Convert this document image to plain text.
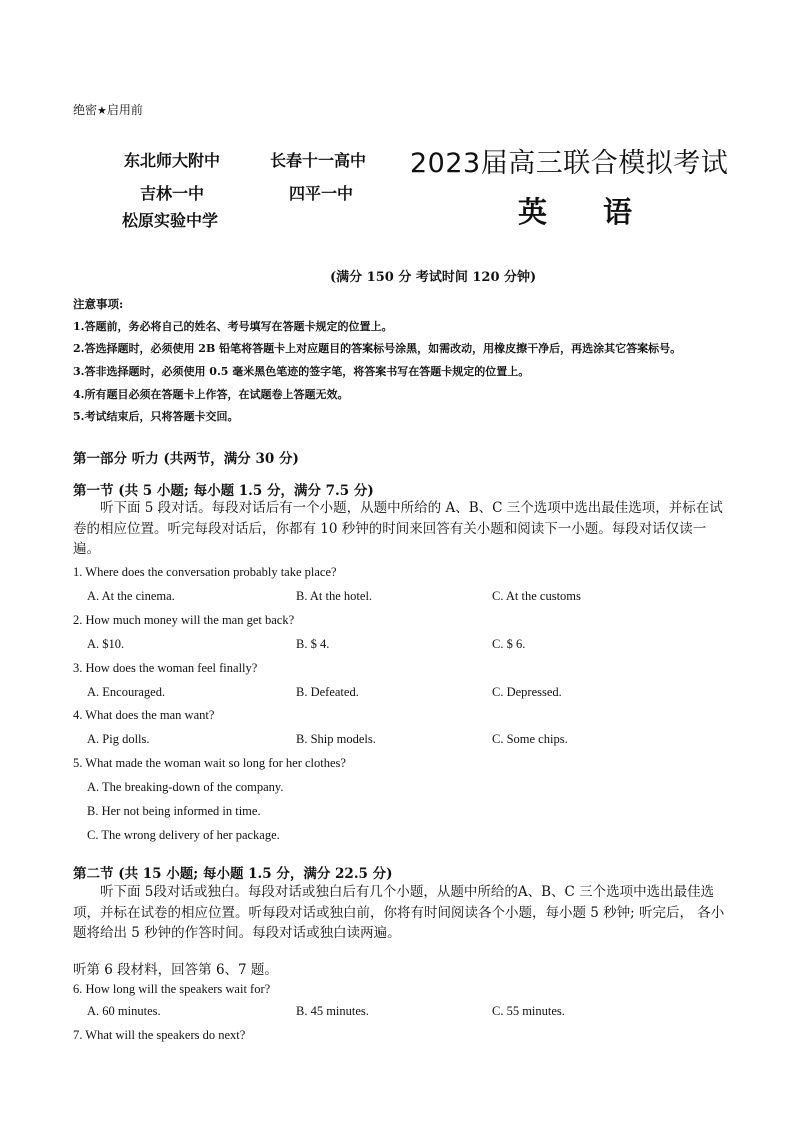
绝密★启用前
东北师大附中	长春十一高中
吉林一中	四平一中
松原实验中学
2023届高三联合模拟考试
英 语
(满分 150 分 考试时间 120 分钟)
注意事项:
1.答题前，务必将自己的姓名、考号填写在答题卡规定的位置上。
2.答选择题时，必须使用 2B 铅笔将答题卡上对应题目的答案标号涂黑，如需改动，用橡皮擦干净后，再选涂其它答案标号。
3.答非选择题时，必须使用 0.5 毫米黑色笔迹的签字笔，将答案书写在答题卡规定的位置上。
4.所有题目必须在答题卡上作答，在试题卷上答题无效。
5.考试结束后，只将答题卡交回。
第一部分 听力 (共两节，满分 30 分)
第一节 (共 5 小题; 每小题 1.5 分，满分 7.5 分)
听下面 5 段对话。每段对话后有一个小题，从题中所给的 A、B、C 三个选项中选出最佳选项，并标在试卷的相应位置。听完每段对话后，你都有 10 秒钟的时间来回答有关小题和阅读下一小题。每段对话仅读一遍。
1. Where does the conversation probably take place?
A. At the cinema.	B. At the hotel.	C. At the customs
2. How much money will the man get back?
A. $10.	B. $ 4.	C. $ 6.
3. How does the woman feel finally?
A. Encouraged.	B. Defeated.	C. Depressed.
4. What does the man want?
A. Pig dolls.	B. Ship models.	C. Some chips.
5. What made the woman wait so long for her clothes?
A. The breaking-down of the company.
B. Her not being informed in time.
C. The wrong delivery of her package.
第二节 (共 15 小题; 每小题 1.5 分，满分 22.5 分)
听下面 5段对话或独白。每段对话或独白后有几个小题，从题中所给的A、B、C 三个选项中选出最佳选项，并标在试卷的相应位置。听每段对话或独白前，你将有时间阅读各个小题，每小题 5 秒钟; 听完后， 各小题将给出 5 秒钟的作答时间。每段对话或独白读两遍。
听第 6 段材料，回答第 6、7 题。
6. How long will the speakers wait for?
A. 60 minutes.	B. 45 minutes.	C. 55 minutes.
7. What will the speakers do next?
